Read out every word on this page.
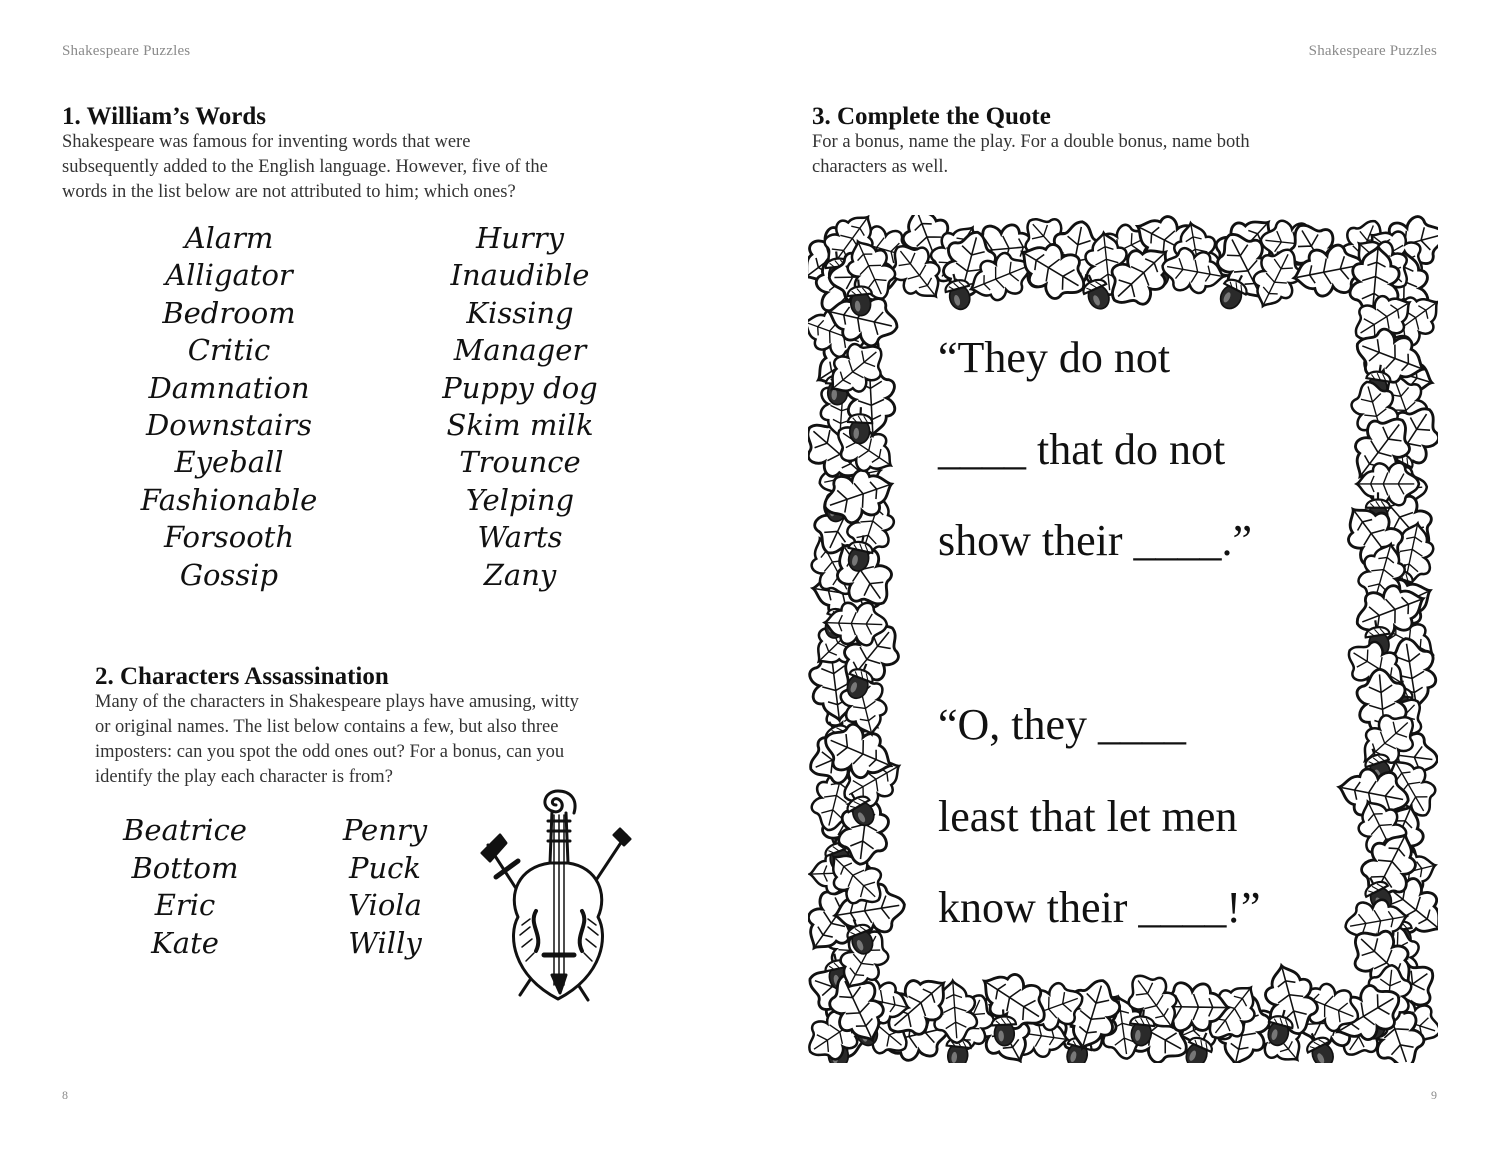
Shakespeare Puzzles
1. William’s Words

Shakespeare was famous for inventing words that were
subsequently added to the English language. However, five of the
words in the list below are not attributed to him; which ones?

Alarm
Alligator
Bedroom
Critic
Damnation
Downstairs
Eyeball
Fashionable
Forsooth
Gossip
Hurry
Inaudible
Kissing
Manager
Puppy dog
Skim milk
Trounce
Yelping
Warts
Zany
2. Characters Assassination

Many of the characters in Shakespeare plays have amusing, witty
or original names. The list below contains a few, but also three
imposters: can you spot the odd ones out? For a bonus, can you
identify the play each character is from?

Beatrice
Bottom
Eric
Kate
Penry
Puck
Viola
Willy
8
Shakespeare Puzzles
3. Complete the Quote

For a bonus, name the play. For a double bonus, name both
characters as well.

9
“They do not
____ that do not
show their ____.”
“O, they ____
least that let men
know their ____!”
